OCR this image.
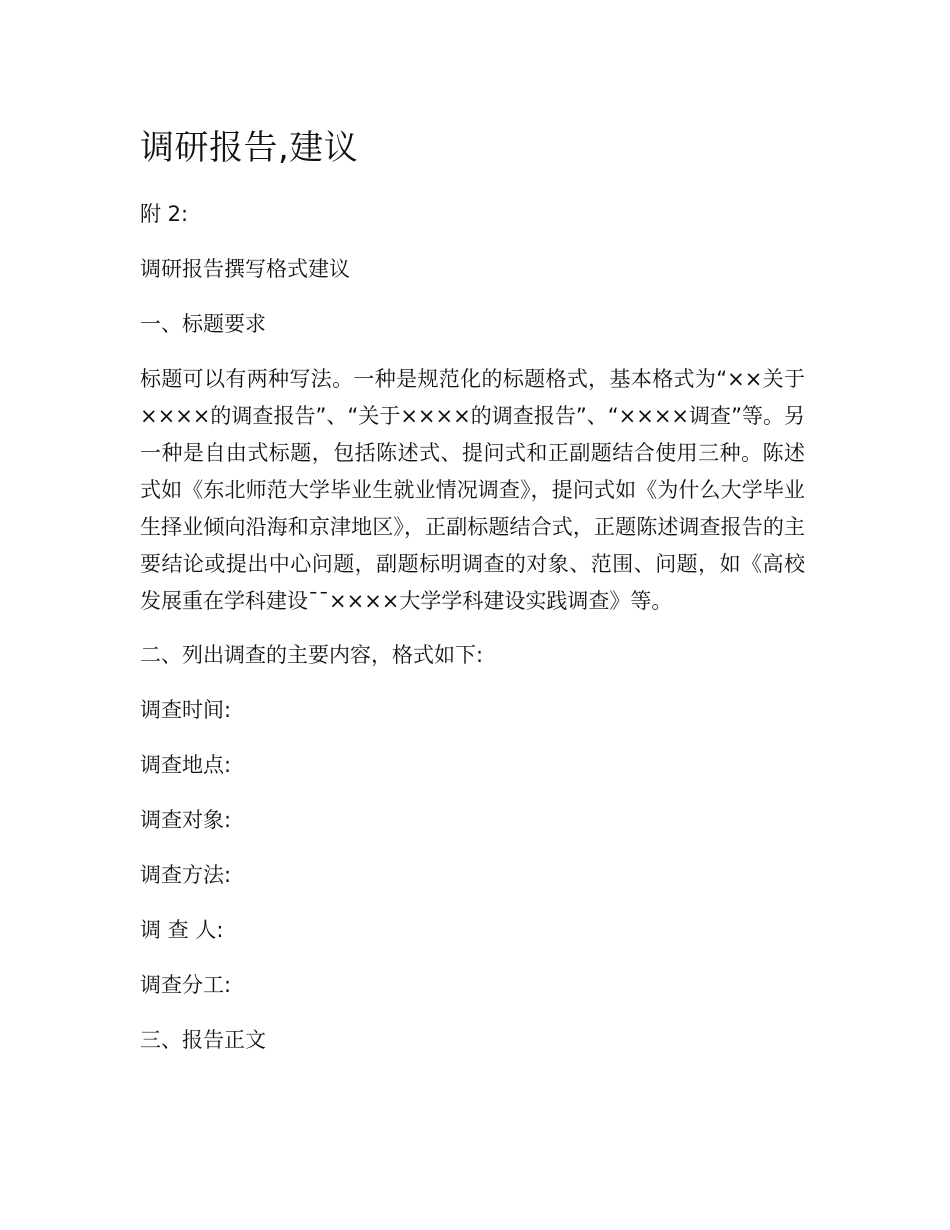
调研报告,建议
附 2:
调研报告撰写格式建议
一、标题要求
标题可以有两种写法。一种是规范化的标题格式，基本格式为“××关于××××的调查报告”、“关于××××的调查报告”、“××××调查”等。另一种是自由式标题，包括陈述式、提问式和正副题结合使用三种。陈述式如《东北师范大学毕业生就业情况调查》，提问式如《为什么大学毕业生择业倾向沿海和京津地区》，正副标题结合式，正题陈述调查报告的主要结论或提出中心问题，副题标明调查的对象、范围、问题，如《高校发展重在学科建设¯¯××××大学学科建设实践调查》等。
二、列出调查的主要内容，格式如下:
调查时间:
调查地点:
调查对象:
调查方法:
调 查 人:
调查分工:
三、报告正文
